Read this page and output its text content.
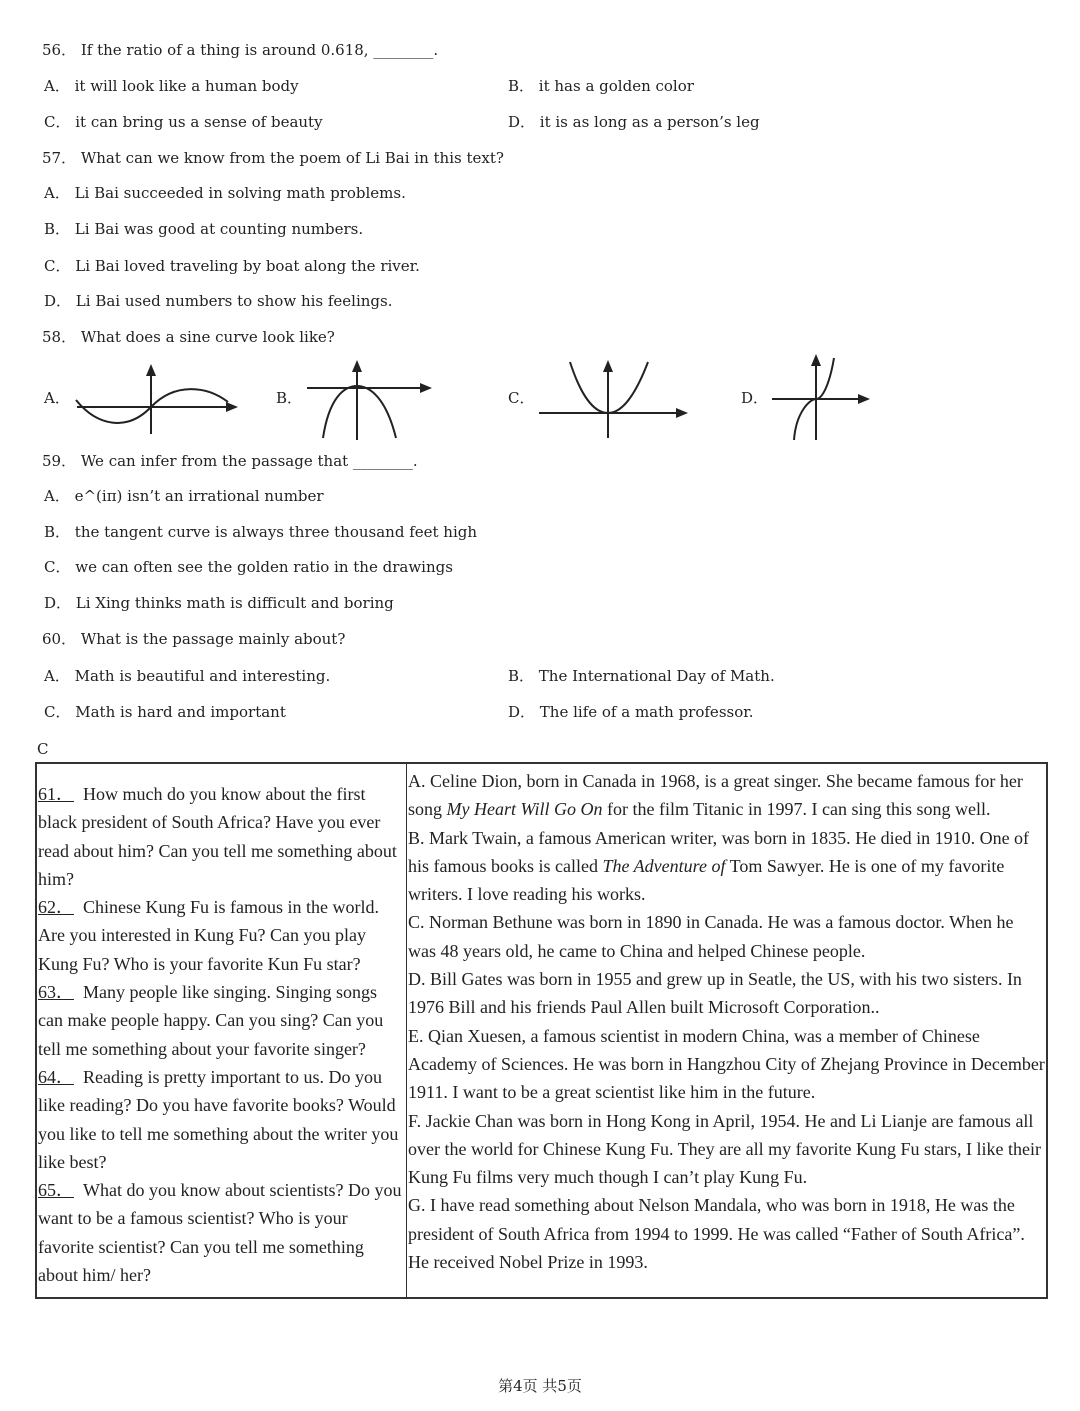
56． If the ratio of a thing is around 0.618, ________.
A． it will look like a human body	B． it has a golden color
C． it can bring us a sense of beauty	D． it is as long as a person’s leg
57． What can we know from the poem of Li Bai in this text?
A． Li Bai succeeded in solving math problems.
B． Li Bai was good at counting numbers.
C． Li Bai loved traveling by boat along the river.
D． Li Bai used numbers to show his feelings.
58． What does a sine curve look like?
A．	B．	C．	D．
59． We can infer from the passage that ________.
A． e^(iπ) isn’t an irrational number
B． the tangent curve is always three thousand feet high
C． we can often see the golden ratio in the drawings
D． Li Xing thinks math is difficult and boring
60． What is the passage mainly about?
A． Math is beautiful and interesting.	B． The International Day of Math.
C． Math is hard and important	D． The life of a math professor.
C
61． How much do you know about the first black president of South Africa? Have you ever read about him? Can you tell me something about him?
62． Chinese Kung Fu is famous in the world. Are you interested in Kung Fu? Can you play Kung Fu? Who is your favorite Kun Fu star?
63． Many people like singing. Singing songs can make people happy. Can you sing? Can you tell me something about your favorite singer?
64． Reading is pretty important to us. Do you like reading? Do you have favorite books? Would you like to tell me something about the writer you like best?
65． What do you know about scientists? Do you want to be a famous scientist? Who is your favorite scientist? Can you tell me something about him/ her?
A. Celine Dion, born in Canada in 1968, is a great singer. She became famous for her song My Heart Will Go On for the film Titanic in 1997. I can sing this song well.
B. Mark Twain, a famous American writer, was born in 1835. He died in 1910. One of his famous books is called The Adventure of Tom Sawyer. He is one of my favorite writers. I love reading his works.
C. Norman Bethune was born in 1890 in Canada. He was a famous doctor. When he was 48 years old, he came to China and helped Chinese people.
D. Bill Gates was born in 1955 and grew up in Seatle, the US, with his two sisters. In 1976 Bill and his friends Paul Allen built Microsoft Corporation..
E. Qian Xuesen, a famous scientist in modern China, was a member of Chinese Academy of Sciences. He was born in Hangzhou City of Zhejang Province in December 1911. I want to be a great scientist like him in the future.
F. Jackie Chan was born in Hong Kong in April, 1954. He and Li Lianje are famous all over the world for Chinese Kung Fu. They are all my favorite Kung Fu stars, I like their Kung Fu films very much though I can’t play Kung Fu.
G. I have read something about Nelson Mandala, who was born in 1918, He was the president of South Africa from 1994 to 1999. He was called “Father of South Africa”. He received Nobel Prize in 1993.
第4页 共5页
